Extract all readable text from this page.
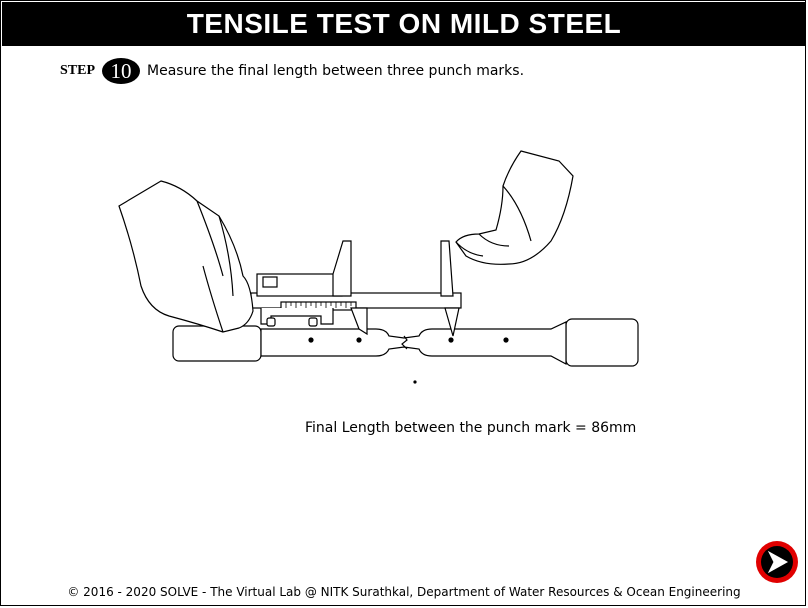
TENSILE TEST ON MILD STEEL
STEP 10	Measure the final length between three punch marks.
Final Length between the punch mark = 86mm
© 2016 - 2020 SOLVE - The Virtual Lab @ NITK Surathkal, Department of Water Resources & Ocean Engineering
